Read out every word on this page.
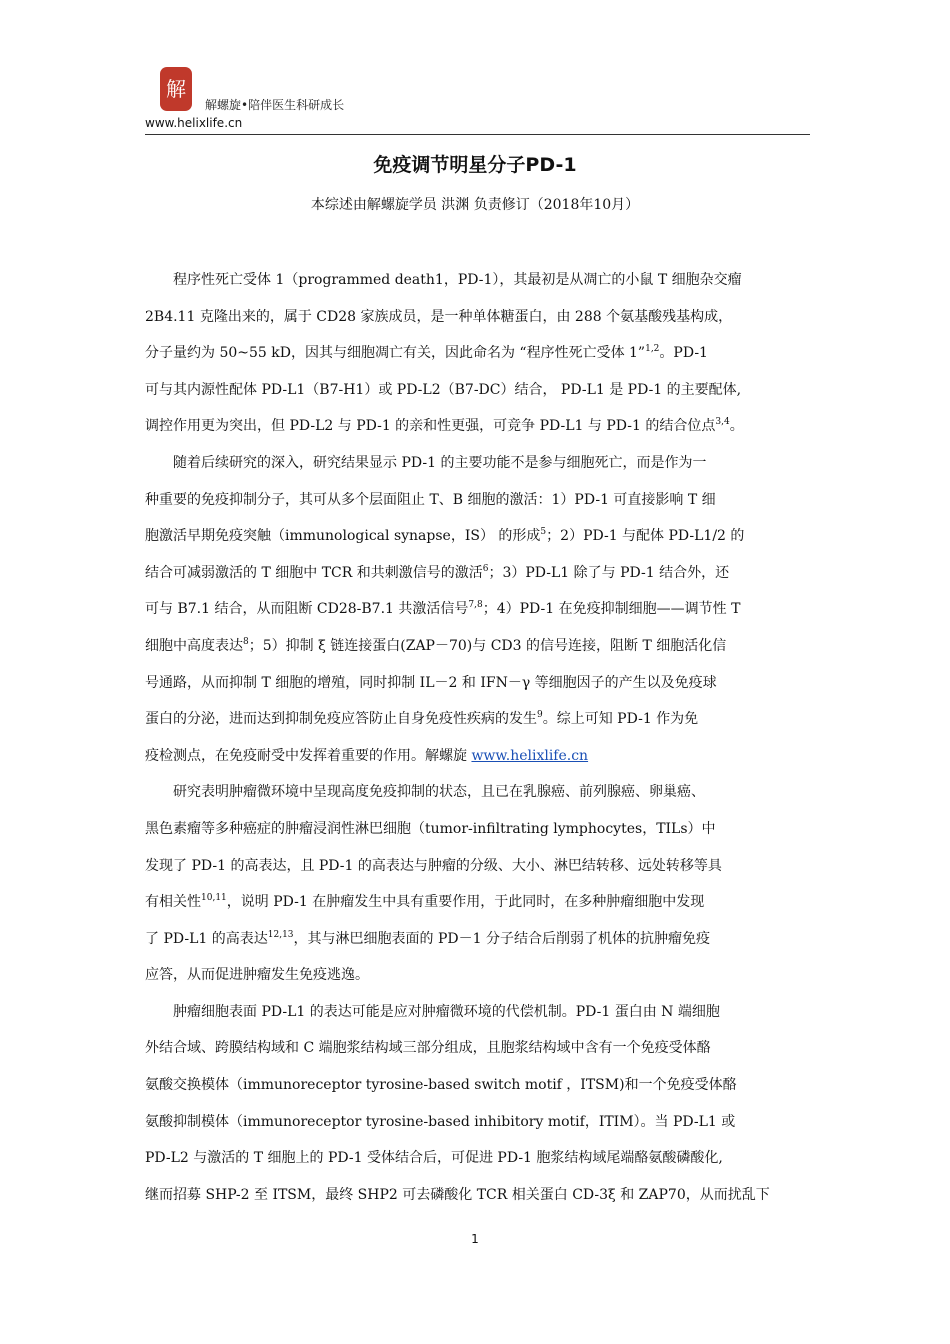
解
解螺旋•陪伴医生科研成长
www.helixlife.cn
免疫调节明星分子PD-1
本综述由解螺旋学员 洪渊 负责修订（2018年10月）

程序性死亡受体 1（programmed death1，PD-1），其最初是从凋亡的小鼠 T 细胞杂交瘤
2B4.11 克隆出来的，属于 CD28 家族成员，是一种单体糖蛋白，由 288 个氨基酸残基构成，
分子量约为 50~55 kD，因其与细胞凋亡有关，因此命名为 “程序性死亡受体 1”$^{1,2}$。PD-1
可与其内源性配体 PD-L1（B7-H1）或 PD-L2（B7-DC）结合， PD-L1 是 PD-1 的主要配体,
调控作用更为突出，但 PD-L2 与 PD-1 的亲和性更强，可竞争 PD-L1 与 PD-1 的结合位点$^{3,4}$。

随着后续研究的深入，研究结果显示 PD-1 的主要功能不是参与细胞死亡，而是作为一
种重要的免疫抑制分子，其可从多个层面阻止 T、B 细胞的激活：1）PD-1 可直接影响 T 细
胞激活早期免疫突触（immunological synapse，IS） 的形成$^5$；2）PD-1 与配体 PD-L1/2 的
结合可减弱激活的 T 细胞中 TCR 和共刺激信号的激活$^6$；3）PD-L1 除了与 PD-1 结合外，还
可与 B7.1 结合，从而阻断 CD28-B7.1 共激活信号$^{7,8}$；4）PD-1 在免疫抑制细胞——调节性 T
细胞中高度表达$^8$；5）抑制 ξ 链连接蛋白(ZAP－70)与 CD3 的信号连接，阻断 T 细胞活化信
号通路，从而抑制 T 细胞的增殖，同时抑制 IL－2 和 IFN－γ 等细胞因子的产生以及免疫球
蛋白的分泌，进而达到抑制免疫应答防止自身免疫性疾病的发生$^9$。综上可知 PD-1 作为免
疫检测点，在免疫耐受中发挥着重要的作用。解螺旋 www.helixlife.cn

研究表明肿瘤微环境中呈现高度免疫抑制的状态，且已在乳腺癌、前列腺癌、卵巢癌、
黑色素瘤等多种癌症的肿瘤浸润性淋巴细胞（tumor-infiltrating lymphocytes，TILs）中
发现了 PD-1 的高表达，且 PD-1 的高表达与肿瘤的分级、大小、淋巴结转移、远处转移等具
有相关性$^{10,11}$，说明 PD-1 在肿瘤发生中具有重要作用，于此同时，在多种肿瘤细胞中发现
了 PD-L1 的高表达$^{12,13}$，其与淋巴细胞表面的 PD－1 分子结合后削弱了机体的抗肿瘤免疫
应答，从而促进肿瘤发生免疫逃逸。

肿瘤细胞表面 PD-L1 的表达可能是应对肿瘤微环境的代偿机制。PD-1 蛋白由 N 端细胞
外结合域、跨膜结构域和 C 端胞浆结构域三部分组成，且胞浆结构域中含有一个免疫受体酪
氨酸交换模体（immunoreceptor tyrosine-based switch motif ，ITSM)和一个免疫受体酪
氨酸抑制模体（immunoreceptor tyrosine-based inhibitory motif，ITIM）。当 PD-L1 或
PD-L2 与激活的 T 细胞上的 PD-1 受体结合后，可促进 PD-1 胞浆结构域尾端酪氨酸磷酸化,
继而招募 SHP-2 至 ITSM，最终 SHP2 可去磷酸化 TCR 相关蛋白 CD-3ξ 和 ZAP70，从而扰乱下

1
